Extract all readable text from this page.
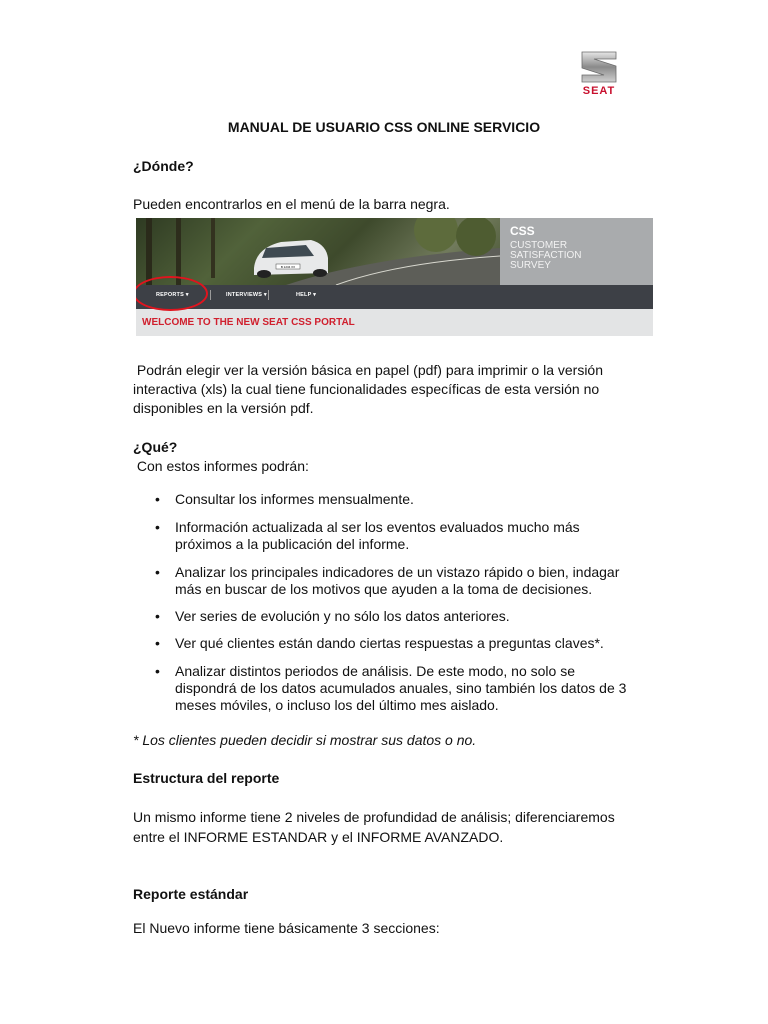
SEAT
MANUAL DE USUARIO CSS ONLINE SERVICIO
¿Dónde?
Pueden encontrarlos en el menú de la barra negra.
B 1234 XX
CSS
CUSTOMER
SATISFACTION
SURVEY
REPORTS ▾	INTERVIEWS ▾	HELP ▾
WELCOME TO THE NEW SEAT CSS PORTAL
Podrán elegir ver la versión básica en papel (pdf) para imprimir o la versión
interactiva (xls) la cual tiene funcionalidades específicas de esta versión no
disponibles en la versión pdf.
¿Qué?
Con estos informes podrán:
• Consultar los informes mensualmente.
• Información actualizada al ser los eventos evaluados mucho más
próximos a la publicación del informe.
• Analizar los principales indicadores de un vistazo rápido o bien, indagar
más en buscar de los motivos que ayuden a la toma de decisiones.
• Ver series de evolución y no sólo los datos anteriores.
• Ver qué clientes están dando ciertas respuestas a preguntas claves*.
• Analizar distintos periodos de análisis. De este modo, no solo se
dispondrá de los datos acumulados anuales, sino también los datos de 3
meses móviles, o incluso los del último mes aislado.
* Los clientes pueden decidir si mostrar sus datos o no.
Estructura del reporte
Un mismo informe tiene 2 niveles de profundidad de análisis; diferenciaremos
entre el INFORME ESTANDAR y el INFORME AVANZADO.
Reporte estándar
El Nuevo informe tiene básicamente 3 secciones:
